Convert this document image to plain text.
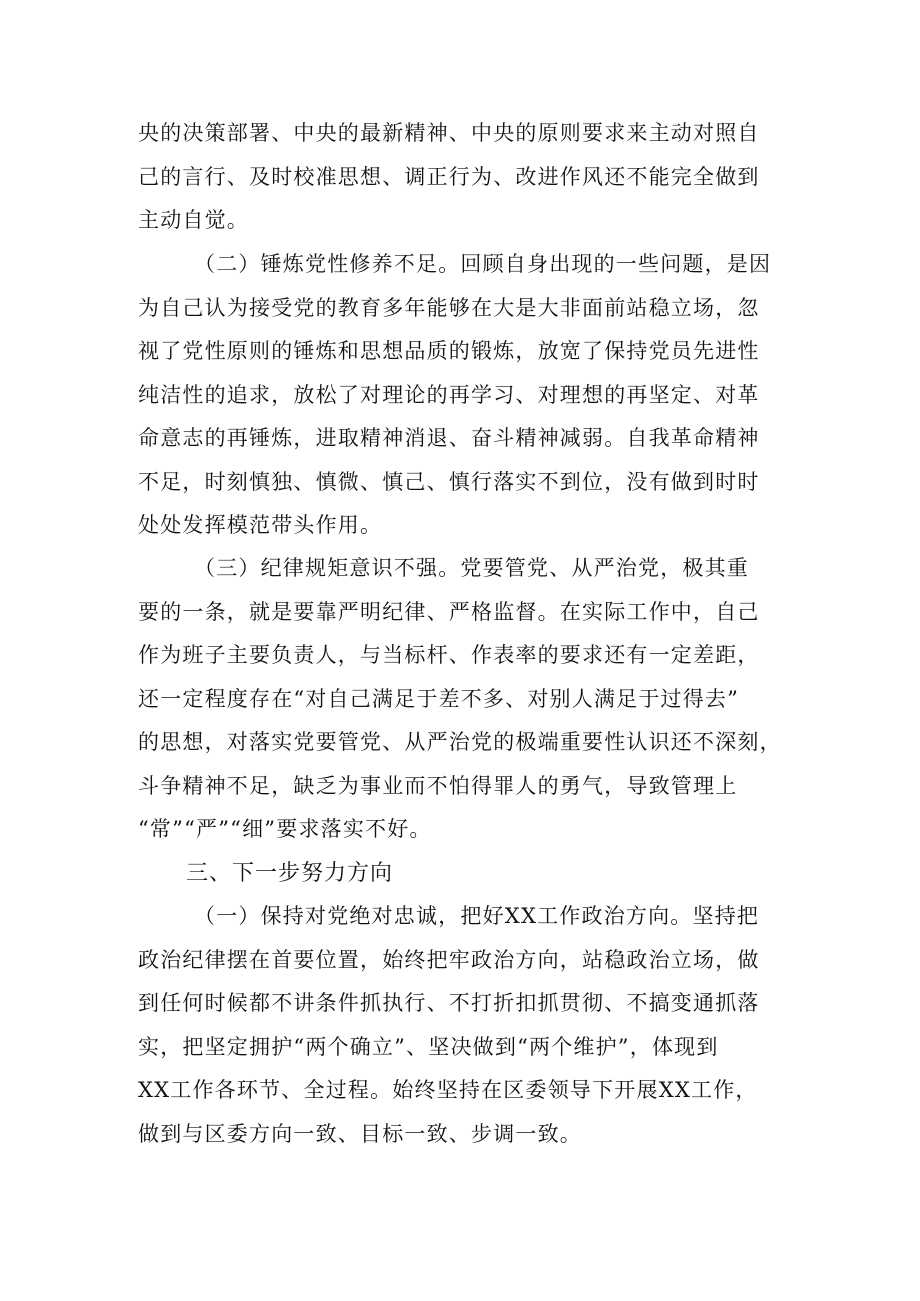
央的决策部署、中央的最新精神、中央的原则要求来主动对照自
己的言行、及时校准思想、调正行为、改进作风还不能完全做到
主动自觉。
（二）锤炼党性修养不足。回顾自身出现的一些问题，是因
为自己认为接受党的教育多年能够在大是大非面前站稳立场，忽
视了党性原则的锤炼和思想品质的锻炼，放宽了保持党员先进性
纯洁性的追求，放松了对理论的再学习、对理想的再坚定、对革
命意志的再锤炼，进取精神消退、奋斗精神减弱。自我革命精神
不足，时刻慎独、慎微、慎己、慎行落实不到位，没有做到时时
处处发挥模范带头作用。
（三）纪律规矩意识不强。党要管党、从严治党，极其重
要的一条，就是要靠严明纪律、严格监督。在实际工作中，自己
作为班子主要负责人，与当标杆、作表率的要求还有一定差距，
还一定程度存在“对自己满足于差不多、对别人满足于过得去”
的思想，对落实党要管党、从严治党的极端重要性认识还不深刻，
斗争精神不足，缺乏为事业而不怕得罪人的勇气，导致管理上
“常”“严”“细”要求落实不好。
三、下一步努力方向
（一）保持对党绝对忠诚，把好XX工作政治方向。坚持把
政治纪律摆在首要位置，始终把牢政治方向，站稳政治立场，做
到任何时候都不讲条件抓执行、不打折扣抓贯彻、不搞变通抓落
实，把坚定拥护“两个确立”、坚决做到“两个维护”，体现到
XX工作各环节、全过程。始终坚持在区委领导下开展XX工作，
做到与区委方向一致、目标一致、步调一致。
